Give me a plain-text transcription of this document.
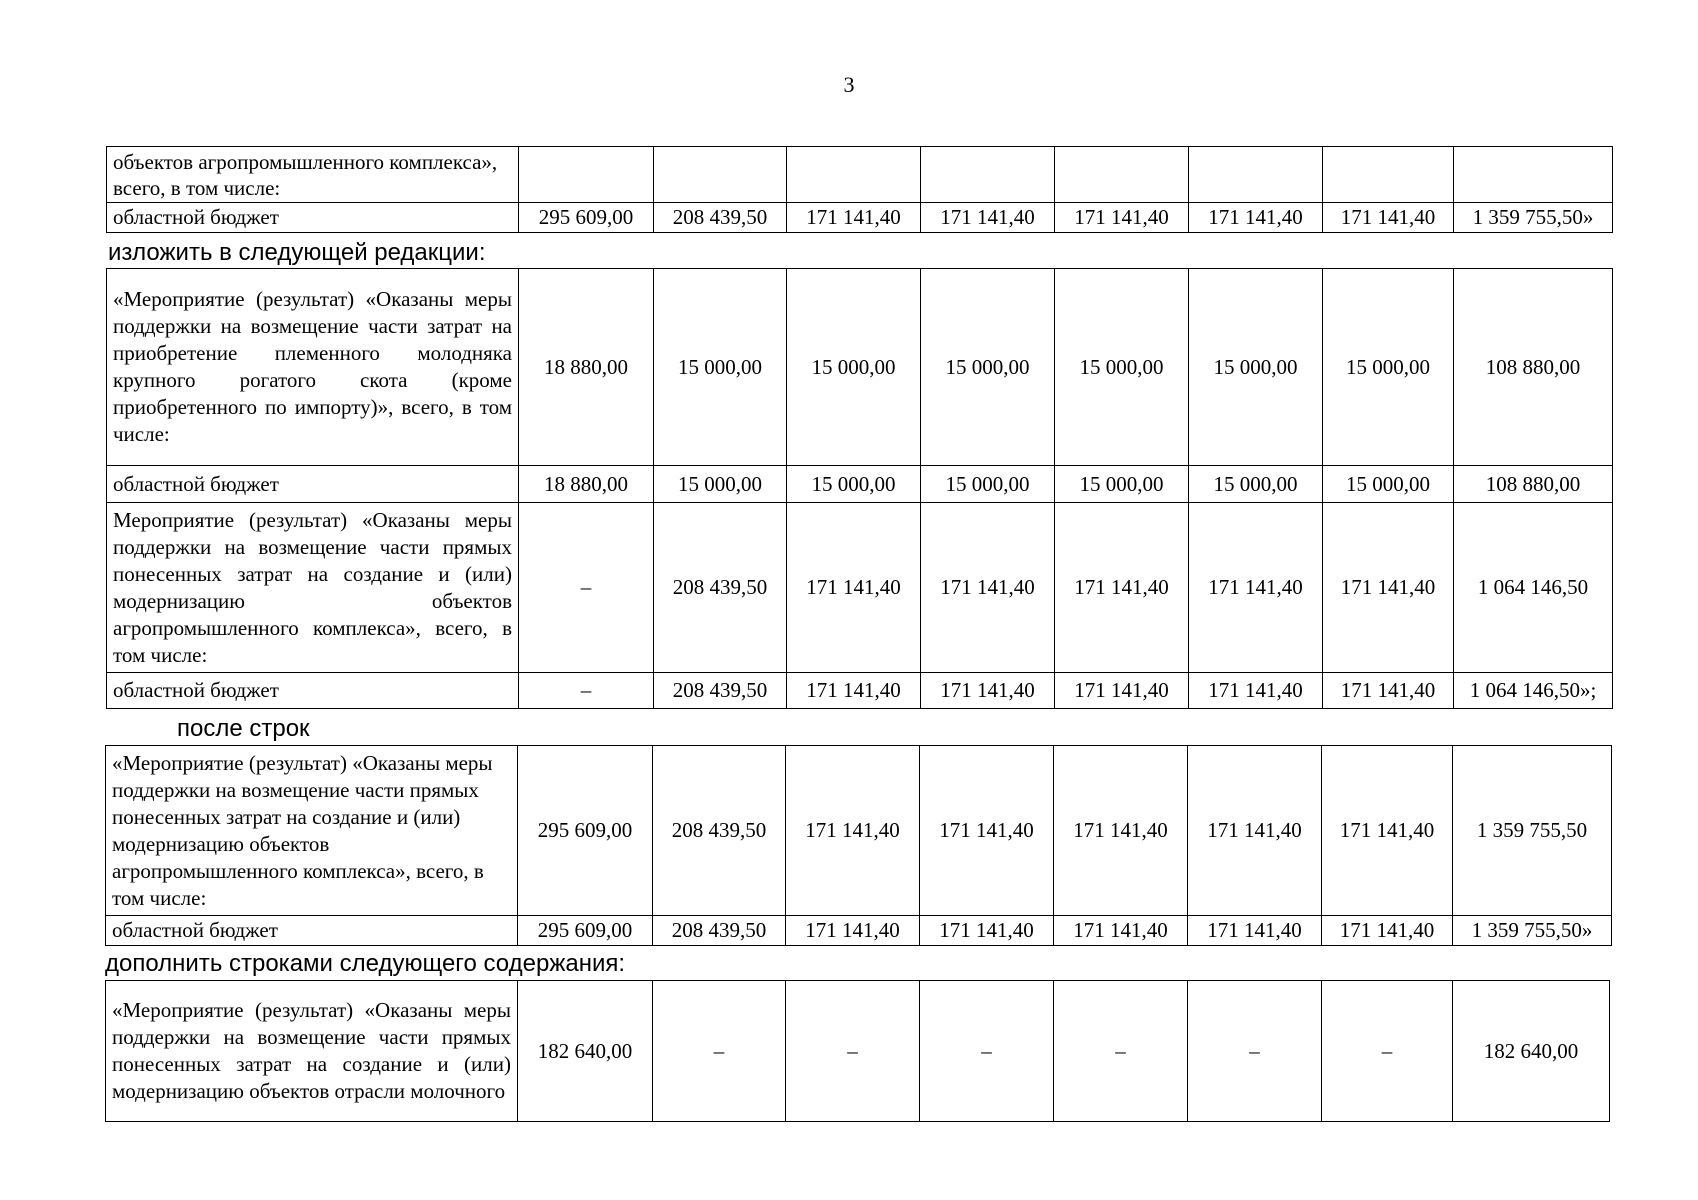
3
объектов агропромышленного комплекса», всего, в том числе:								
областной бюджет	295 609,00	208 439,50	171 141,40	171 141,40	171 141,40	171 141,40	171 141,40	1 359 755,50»
изложить в следующей редакции:
«Мероприятие (результат) «Оказаны меры поддержки на возмещение части затрат на приобретение племенного молодняка крупного рогатого скота (кроме приобретенного по импорту)», всего, в том числе:	18 880,00	15 000,00	15 000,00	15 000,00	15 000,00	15 000,00	15 000,00	108 880,00
областной бюджет	18 880,00	15 000,00	15 000,00	15 000,00	15 000,00	15 000,00	15 000,00	108 880,00
Мероприятие (результат) «Оказаны меры поддержки на возмещение части прямых понесенных затрат на создание и (или) модернизацию объектов агропромышленного комплекса», всего, в том числе:	–	208 439,50	171 141,40	171 141,40	171 141,40	171 141,40	171 141,40	1 064 146,50
областной бюджет	–	208 439,50	171 141,40	171 141,40	171 141,40	171 141,40	171 141,40	1 064 146,50»;
после строк
«Мероприятие (результат) «Оказаны меры поддержки на возмещение части прямых понесенных затрат на создание и (или) модернизацию объектов агропромышленного комплекса», всего, в том числе:	295 609,00	208 439,50	171 141,40	171 141,40	171 141,40	171 141,40	171 141,40	1 359 755,50
областной бюджет	295 609,00	208 439,50	171 141,40	171 141,40	171 141,40	171 141,40	171 141,40	1 359 755,50»
дополнить строками следующего содержания:
«Мероприятие (результат) «Оказаны меры поддержки на возмещение части прямых понесенных затрат на создание и (или) модернизацию объектов отрасли молочного	182 640,00	–	–	–	–	–	–	182 640,00
